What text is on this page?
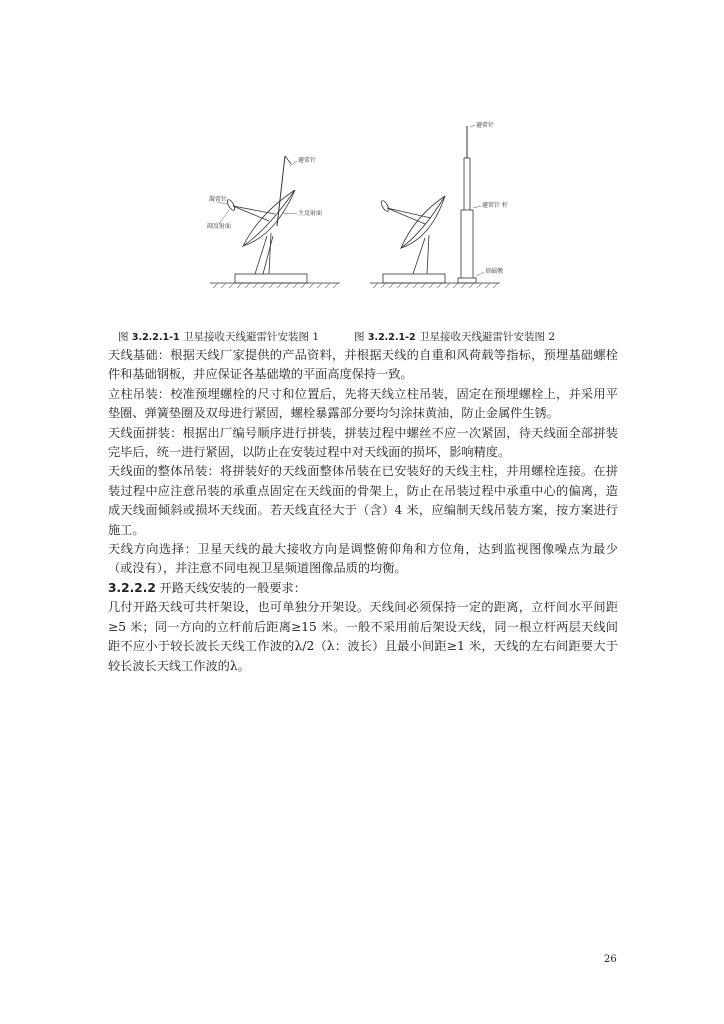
避雷针
凝雷针
主反射面
副反射面
避雷针
避雷针 杆
基础墩
图 3.2.2.1-1 卫星接收天线避雷针安装图 1	图 3.2.2.1-2 卫星接收天线避雷针安装图 2

天线基础：根据天线厂家提供的产品资料，并根据天线的自重和风荷载等指标，预埋基础螺栓件和基础钢板，并应保证各基础墩的平面高度保持一致。

立柱吊装：校准预埋螺栓的尺寸和位置后，先将天线立柱吊装，固定在预埋螺栓上，并采用平垫圈、弹簧垫圈及双母进行紧固，螺栓暴露部分要均匀涂抹黄油，防止金属件生锈。

天线面拼装：根据出厂编号顺序进行拼装，拼装过程中螺丝不应一次紧固，待天线面全部拼装完毕后，统一进行紧固，以防止在安装过程中对天线面的损坏，影响精度。

天线面的整体吊装：将拼装好的天线面整体吊装在已安装好的天线主柱，并用螺栓连接。在拼装过程中应注意吊装的承重点固定在天线面的骨架上，防止在吊装过程中承重中心的偏离，造成天线面倾斜或损坏天线面。若天线直径大于（含）4 米，应编制天线吊装方案，按方案进行施工。

天线方向选择：卫星天线的最大接收方向是调整俯仰角和方位角，达到监视图像噪点为最少（或没有），并注意不同电视卫星频道图像品质的均衡。

3.2.2.2 开路天线安装的一般要求：

几付开路天线可共杆架设，也可单独分开架设。天线间必须保持一定的距离，立杆间水平间距≥5 米；同一方向的立杆前后距离≥15 米。一般不采用前后架设天线，同一根立杆两层天线间距不应小于较长波长天线工作波的λ/2（λ：波长）且最小间距≥1 米，天线的左右间距要大于较长波长天线工作波的λ。

26
